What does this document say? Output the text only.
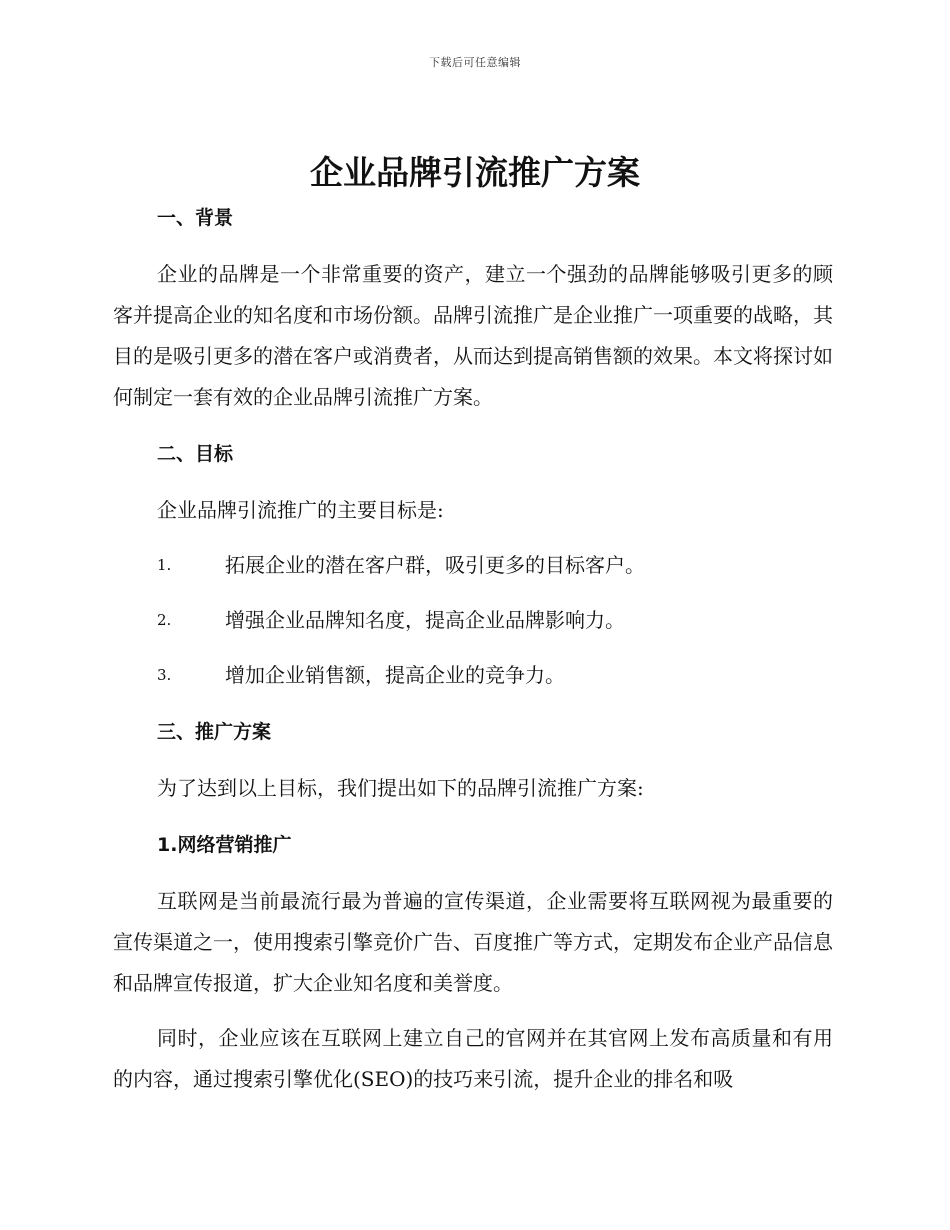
下载后可任意编辑
企业品牌引流推广方案
一、背景

企业的品牌是一个非常重要的资产，建立一个强劲的品牌能够吸引更多的顾客并提高企业的知名度和市场份额。品牌引流推广是企业推广一项重要的战略，其目的是吸引更多的潜在客户或消费者，从而达到提高销售额的效果。本文将探讨如何制定一套有效的企业品牌引流推广方案。

二、目标

企业品牌引流推广的主要目标是:

1.	拓展企业的潜在客户群，吸引更多的目标客户。
2.	增强企业品牌知名度，提高企业品牌影响力。
3.	增加企业销售额，提高企业的竞争力。
三、推广方案

为了达到以上目标，我们提出如下的品牌引流推广方案:

1.网络营销推广

互联网是当前最流行最为普遍的宣传渠道，企业需要将互联网视为最重要的宣传渠道之一，使用搜索引擎竞价广告、百度推广等方式，定期发布企业产品信息和品牌宣传报道，扩大企业知名度和美誉度。

同时，企业应该在互联网上建立自己的官网并在其官网上发布高质量和有用的内容，通过搜索引擎优化(SEO)的技巧来引流，提升企业的排名和吸
